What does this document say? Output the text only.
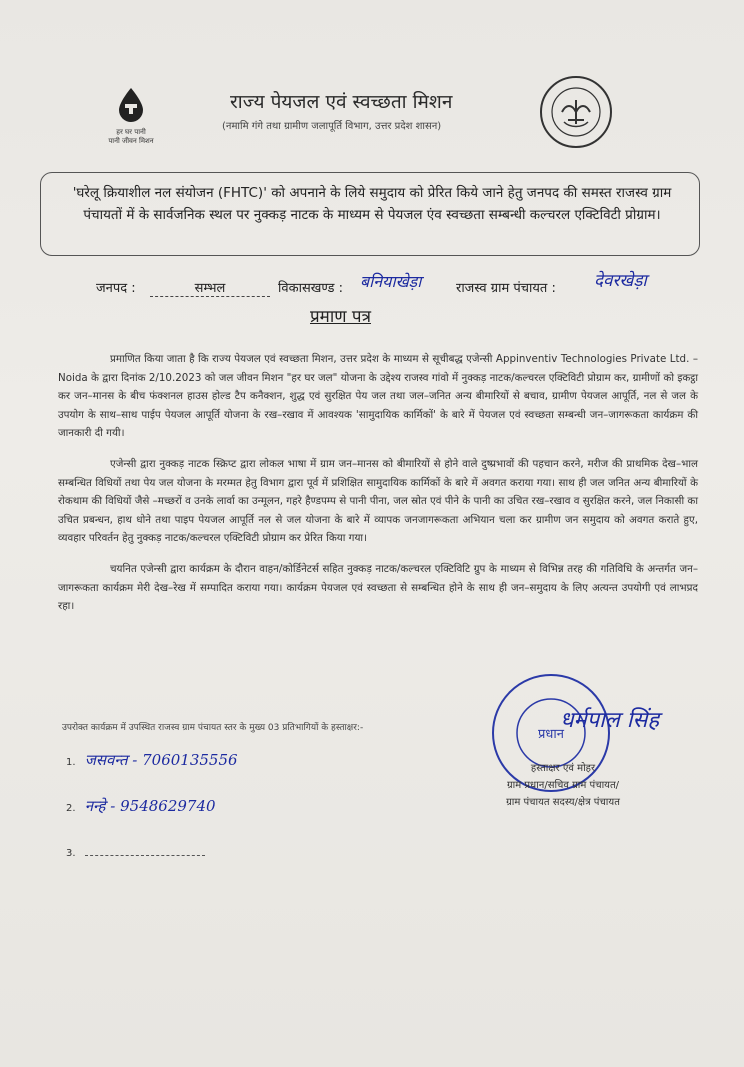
हर घर पानी
पानी जीवन मिशन
राज्य पेयजल एवं स्वच्छता मिशन
(नमामि गंगे तथा ग्रामीण जलापूर्ति विभाग, उत्तर प्रदेश शासन)
'घरेलू क्रियाशील नल संयोजन (FHTC)' को अपनाने के लिये समुदाय को प्रेरित किये जाने हेतु जनपद की समस्त राजस्व ग्राम पंचायतों में के सार्वजनिक स्थल पर नुक्कड़ नाटक के माध्यम से पेयजल एंव स्वच्छता सम्बन्धी कल्चरल एक्टिविटी प्रोग्राम।
जनपद :	सम्भल	विकासखण्ड : बनियाखेड़ा	राजस्व ग्राम पंचायत : देवरखेड़ा
प्रमाण पत्र

प्रमाणित किया जाता है कि राज्य पेयजल एवं स्वच्छता मिशन, उत्तर प्रदेश के माध्यम से सूचीबद्ध एजेन्सी Appinventiv Technologies Private Ltd. – Noida के द्वारा दिनांक 2/10.2023 को जल जीवन मिशन "हर घर जल" योजना के उद्देश्य राजस्व गांवो में नुक्कड़ नाटक/कल्चरल एक्टिविटी प्रोग्राम कर, ग्रामीणों को इकट्ठा कर जन–मानस के बीच फंक्शनल हाउस होल्ड टैप कनैक्शन, शुद्ध एवं सुरक्षित पेय जल तथा जल–जनित अन्य बीमारियों से बचाव, ग्रामीण पेयजल आपूर्ति, नल से जल के उपयोग के साथ–साथ पाईप पेयजल आपूर्ति योजना के रख–रखाव में आवश्यक 'सामुदायिक कार्मिकों' के बारे में पेयजल एवं स्वच्छता सम्बन्धी जन–जागरूकता कार्यक्रम की जानकारी दी गयी।

एजेन्सी द्वारा नुक्कड़ नाटक स्क्रिप्ट द्वारा लोकल भाषा में ग्राम जन–मानस को बीमारियों से होने वाले दुष्प्रभावों की पहचान करने, मरीज की प्राथमिक देख–भाल सम्बन्धित विधियों तथा पेय जल योजना के मरम्मत हेतु विभाग द्वारा पूर्व में प्रशिक्षित सामुदायिक कार्मिकों के बारे में अवगत कराया गया। साथ ही जल जनित अन्य बीमारियों के रोकथाम की विधियों जैसे –मच्छरों व उनके लार्वा का उन्मूलन, गहरे हैण्डपम्प से पानी पीना, जल स्रोत एवं पीने के पानी का उचित रख–रखाव व सुरक्षित करने, जल निकासी का उचित प्रबन्धन, हाथ धोने तथा पाइप पेयजल आपूर्ति नल से जल योजना के बारे में व्यापक जनजागरूकता अभियान चला कर ग्रामीण जन समुदाय को अवगत कराते हुए, व्यवहार परिवर्तन हेतु नुक्कड़ नाटक/कल्चरल एक्टिविटी प्रोग्राम कर प्रेरित किया गया।

चयनित एजेन्सी द्वारा कार्यक्रम के दौरान वाहन/कोर्डिनेटर्स सहित नुक्कड़ नाटक/कल्चरल एक्टिविटि ग्रुप के माध्यम से विभिन्न तरह की गतिविधि के अन्तर्गत जन–जागरूकता कार्यक्रम मेरी देख–रेख में सम्पादित कराया गया। कार्यक्रम पेयजल एवं स्वच्छता से सम्बन्धित होने के साथ ही जन–समुदाय के लिए अत्यन्त उपयोगी एवं लाभप्रद रहा।

उपरोक्त कार्यक्रम में उपस्थित राजस्व ग्राम पंचायत स्तर के मुख्य 03 प्रतिभागियों के हस्ताक्षर:-
1. जसवन्त - 7060135556
2. नन्हे - 9548629740
3.
प्रधान
धर्मपाल सिंह
हस्ताक्षर एवं मोहर
ग्राम प्रधान/सचिव ग्राम पंचायत/
ग्राम पंचायत सदस्य/क्षेत्र पंचायत
